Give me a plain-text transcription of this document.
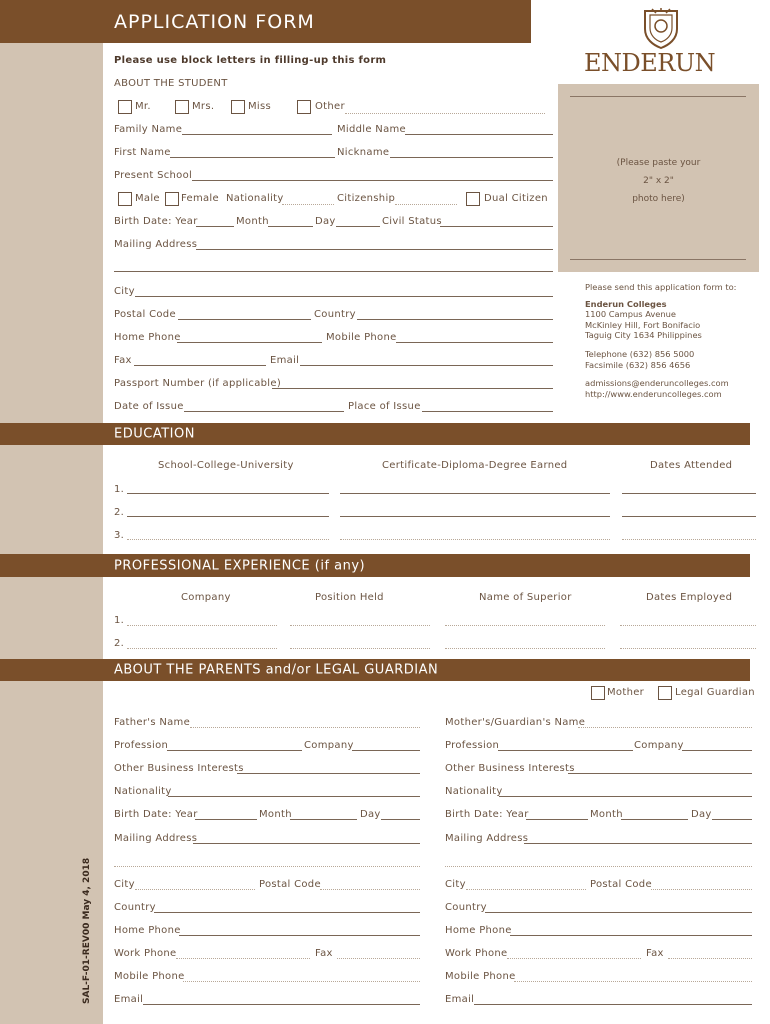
SAL-F-01-REV00 May 4, 2018
APPLICATION FORM
ENDERUN
Please use block letters in filling-up this form
ABOUT THE STUDENT
Mr.	Mrs.	Miss	Other
Family Name	Middle Name
First Name	Nickname
Present School
Male Female Nationality	Citizenship	Dual Citizen
Birth Date: Year	Month	Day	Civil Status
Mailing Address
City
Postal Code	Country
Home Phone	Mobile Phone
Fax	Email
Passport Number (if applicable)
Date of Issue	Place of Issue
(Please paste your
2" x 2"
photo here)
Please send this application form to:
Enderun Colleges
1100 Campus Avenue
McKinley Hill, Fort Bonifacio
Taguig City 1634 Philippines
Telephone (632) 856 5000
Facsimile (632) 856 4656
admissions@enderuncolleges.com
http://www.enderuncolleges.com
EDUCATION
School-College-University	Certificate-Diploma-Degree Earned	Dates Attended
1.
2.
3.
PROFESSIONAL EXPERIENCE (if any)
Company	Position Held	Name of Superior	Dates Employed
1.
2.
ABOUT THE PARENTS and/or LEGAL GUARDIAN
Mother	Legal Guardian
Father's Name
Profession	Company
Other Business Interests
Nationality
Birth Date: Year	Month	Day
Mailing Address
City	Postal Code
Country
Home Phone
Work Phone	Fax
Mobile Phone
Email
Mother's/Guardian's Name
Profession	Company
Other Business Interests
Nationality
Birth Date: Year	Month	Day
Mailing Address
City	Postal Code
Country
Home Phone
Work Phone	Fax
Mobile Phone
Email
